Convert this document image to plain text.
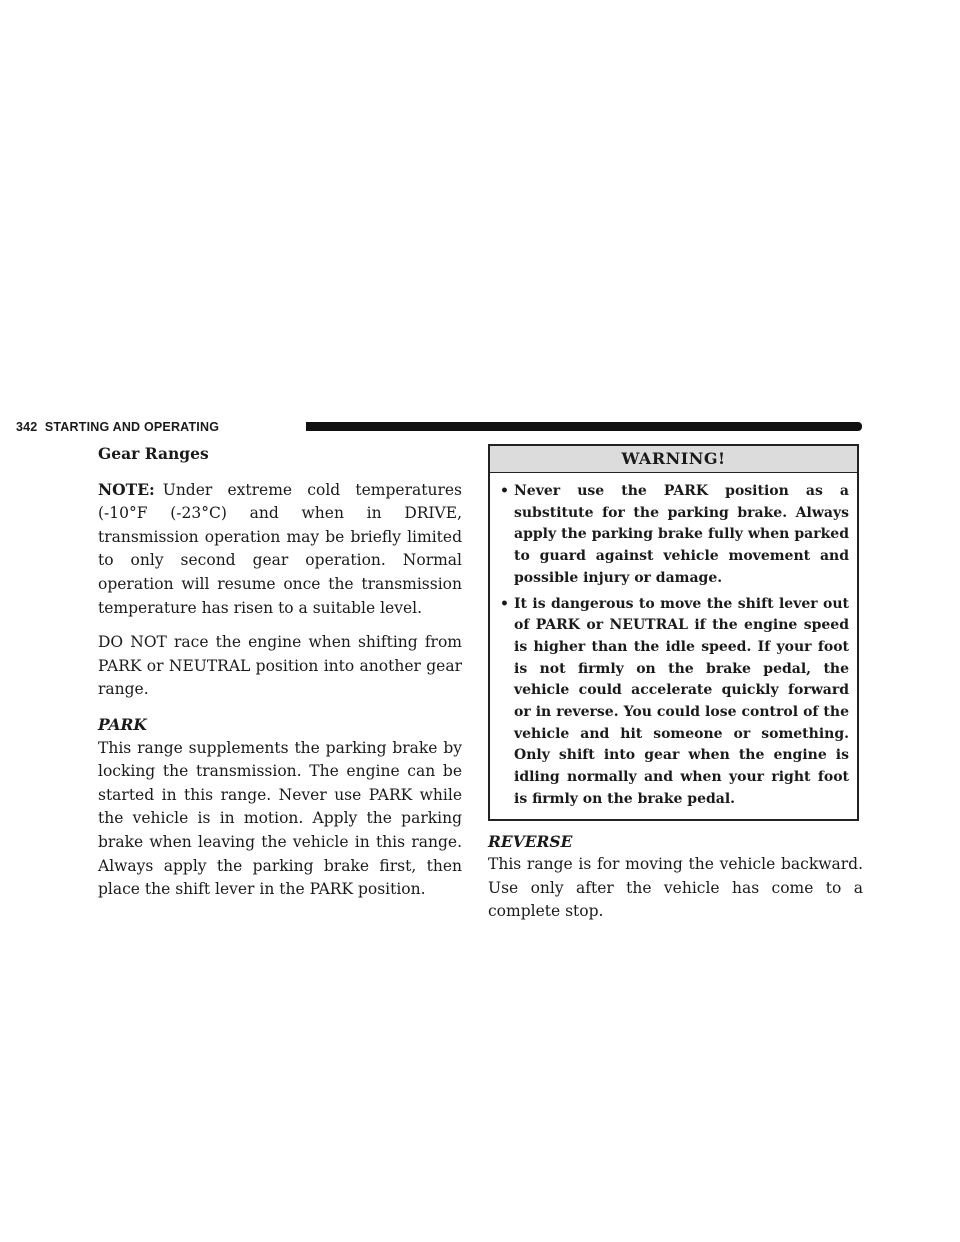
342 STARTING AND OPERATING

Gear Ranges

NOTE: Under extreme cold temperatures (-10°F (-23°C) and when in DRIVE, transmission operation may be briefly limited to only second gear operation. Normal operation will resume once the transmission temperature has risen to a suitable level.

DO NOT race the engine when shifting from PARK or NEUTRAL position into another gear range.

PARK

This range supplements the parking brake by locking the transmission. The engine can be started in this range. Never use PARK while the vehicle is in motion. Apply the parking brake when leaving the vehicle in this range. Always apply the parking brake first, then place the shift lever in the PARK position.

WARNING!
• Never use the PARK position as a substitute for the parking brake. Always apply the parking brake fully when parked to guard against vehicle movement and possible injury or damage.
• It is dangerous to move the shift lever out of PARK or NEUTRAL if the engine speed is higher than the idle speed. If your foot is not firmly on the brake pedal, the vehicle could accelerate quickly forward or in reverse. You could lose control of the vehicle and hit someone or something. Only shift into gear when the engine is idling normally and when your right foot is firmly on the brake pedal.

REVERSE

This range is for moving the vehicle backward. Use only after the vehicle has come to a complete stop.
